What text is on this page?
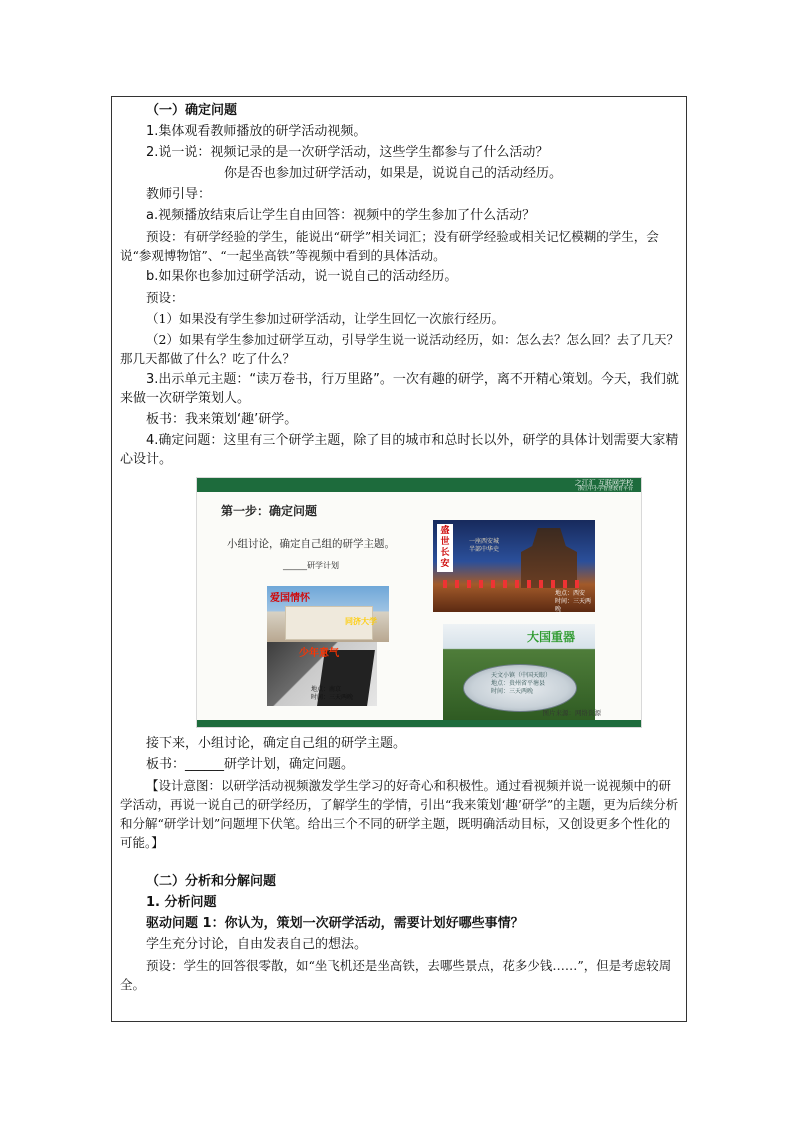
（一）确定问题

1.集体观看教师播放的研学活动视频。

2.说一说：视频记录的是一次研学活动，这些学生都参与了什么活动？

你是否也参加过研学活动，如果是，说说自己的活动经历。

教师引导：

a.视频播放结束后让学生自由回答：视频中的学生参加了什么活动？

预设：有研学经验的学生，能说出“研学”相关词汇；没有研学经验或相关记忆模糊的学生，会说“参观博物馆”、“一起坐高铁”等视频中看到的具体活动。

b.如果你也参加过研学活动，说一说自己的活动经历。

预设：

（1）如果没有学生参加过研学活动，让学生回忆一次旅行经历。

（2）如果有学生参加过研学互动，引导学生说一说活动经历，如：怎么去？怎么回？去了几天？那几天都做了什么？吃了什么？

3.出示单元主题：“读万卷书，行万里路”。一次有趣的研学，离不开精心策划。今天，我们就来做一次研学策划人。

板书：我来策划‘趣’研学。

4.确定问题：这里有三个研学主题，除了目的城市和总时长以外，研学的具体计划需要大家精心设计。

之江汇 互联网学校
浙江中小学智慧教育平台
第一步：确定问题
小组讨论，确定自己组的研学主题。
______研学计划
爱国情怀
同济大学
少年意气
地点：南京
时间：三天两晚
盛世长安
一座西安城
半部中华史
地点：西安
时间：三天两晚
大国重器
天文小镇（中国天眼）
地点：贵州省平塘县
时间：三天两晚
图片来源：网络资源

接下来，小组讨论，确定自己组的研学主题。

板书：______研学计划，确定问题。

【设计意图：以研学活动视频激发学生学习的好奇心和积极性。通过看视频并说一说视频中的研学活动，再说一说自己的研学经历，了解学生的学情，引出“我来策划‘趣’研学”的主题，更为后续分析和分解“研学计划”问题埋下伏笔。给出三个不同的研学主题，既明确活动目标，又创设更多个性化的可能。】

（二）分析和分解问题

1. 分析问题

驱动问题 1：你认为，策划一次研学活动，需要计划好哪些事情？

学生充分讨论，自由发表自己的想法。

预设：学生的回答很零散，如“坐飞机还是坐高铁，去哪些景点，花多少钱……”，但是考虑较周全。
